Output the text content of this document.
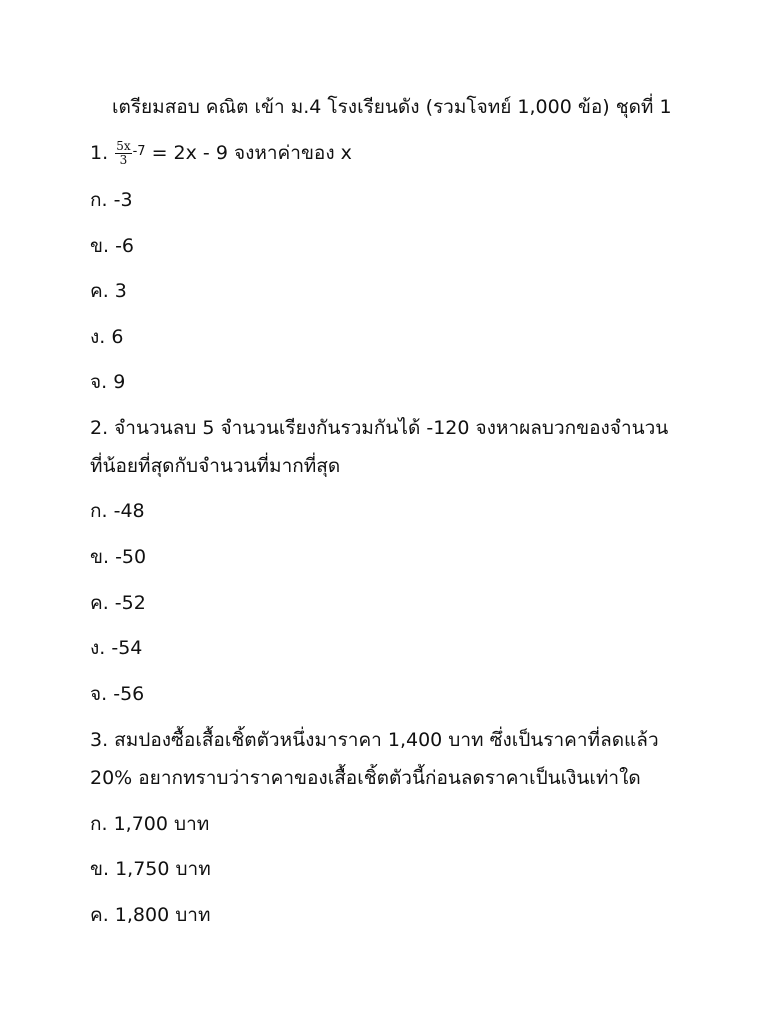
เตรียมสอบ คณิต เข้า ม.4 โรงเรียนดัง (รวมโจทย์ 1,000 ข้อ) ชุดที่ 1
1. $\frac{5x}{3} ^{-7} = 2x - 9$ จงหาค่าของ x
ก. -3
ข. -6
ค. 3
ง. 6
จ. 9
2. จำนวนลบ 5 จำนวนเรียงกันรวมกันได้ -120 จงหาผลบวกของจำนวน
ที่น้อยที่สุดกับจำนวนที่มากที่สุด
ก. -48
ข. -50
ค. -52
ง. -54
จ. -56
3. สมปองซื้อเสื้อเชิ้ตตัวหนึ่งมาราคา 1,400 บาท ซึ่งเป็นราคาที่ลดแล้ว
20% อยากทราบว่าราคาของเสื้อเชิ้ตตัวนี้ก่อนลดราคาเป็นเงินเท่าใด
ก. 1,700 บาท
ข. 1,750 บาท
ค. 1,800 บาท
